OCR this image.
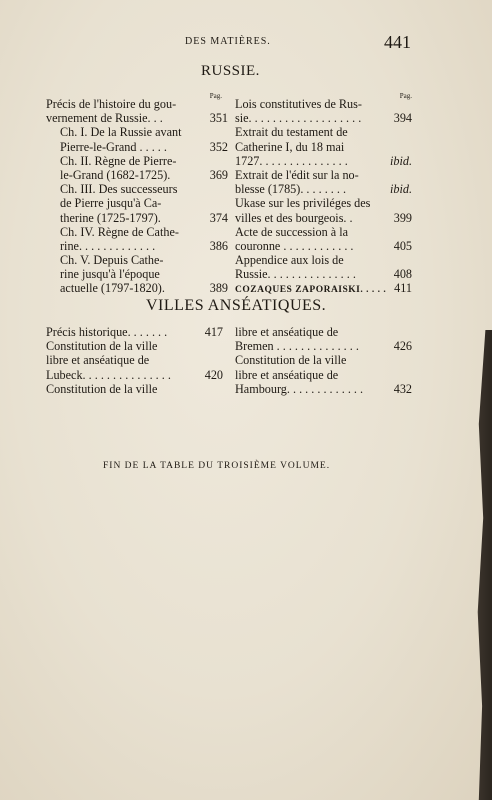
DES MATIÈRES.	441
RUSSIE.
Pag.
Précis de l'histoire du gou-
vernement de Russie. . .	351
Ch. I. De la Russie avant
Pierre-le-Grand . . . . .	352
Ch. II. Règne de Pierre-
le-Grand (1682-1725).	369
Ch. III. Des successeurs
de Pierre jusqu'à Ca-
therine (1725-1797).	374
Ch. IV. Règne de Cathe-
rine. . . . . . . . . . . . .	386
Ch. V. Depuis Cathe-
rine jusqu'à l'époque
actuelle (1797-1820).	389
Pag.
Lois constitutives de Rus-
sie. . . . . . . . . . . . . . . . . . .	394
Extrait du testament de
Catherine I, du 18 mai
1727. . . . . . . . . . . . . . .	ibid.
Extrait de l'édit sur la no-
blesse (1785). . . . . . . .	ibid.
Ukase sur les priviléges des
villes et des bourgeois. .	399
Acte de succession à la
couronne . . . . . . . . . . . .	405
Appendice aux lois de
Russie. . . . . . . . . . . . . . .	408
COZAQUES ZAPORAISKI. . . . . 411
VILLES ANSÉATIQUES.
Précis historique. . . . . . .	417
Constitution de la ville
libre et anséatique de
Lubeck. . . . . . . . . . . . . . .	420
Constitution de la ville
libre et anséatique de
Bremen . . . . . . . . . . . . . .	426
Constitution de la ville
libre et anséatique de
Hambourg. . . . . . . . . . . . .	432
FIN DE LA TABLE DU TROISIÈME VOLUME.
